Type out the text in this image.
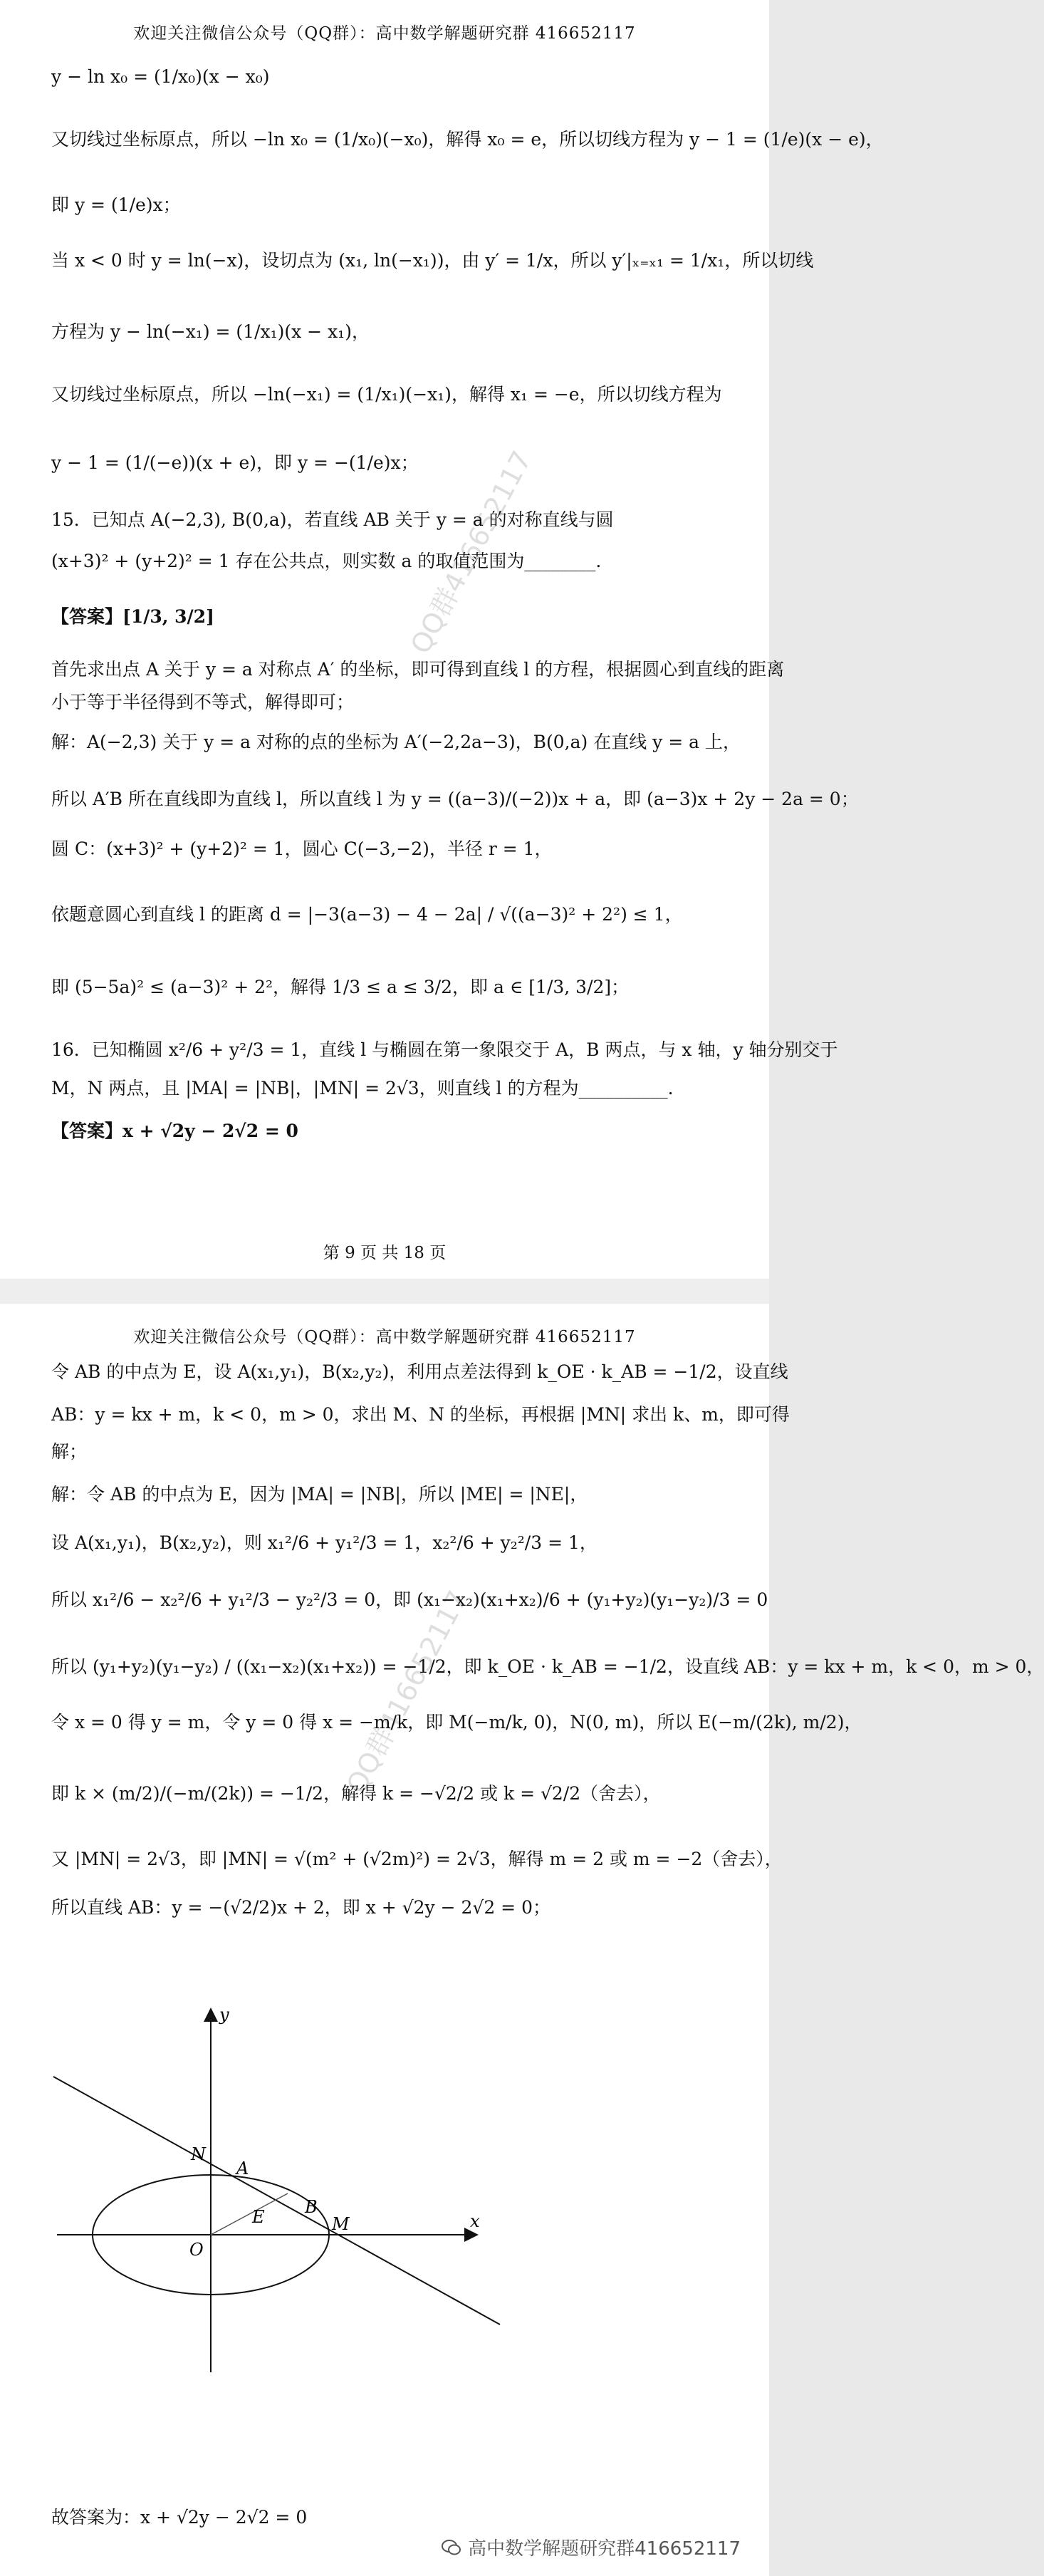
欢迎关注微信公众号（QQ群）：高中数学解题研究群 416652117
y − ln x₀ = (1/x₀)(x − x₀)
又切线过坐标原点，所以 −ln x₀ = (1/x₀)(−x₀)，解得 x₀ = e，所以切线方程为 y − 1 = (1/e)(x − e)，
即 y = (1/e)x；
当 x < 0 时 y = ln(−x)，设切点为 (x₁, ln(−x₁))，由 y′ = 1/x，所以 y′|ₓ₌ₓ₁ = 1/x₁，所以切线
方程为 y − ln(−x₁) = (1/x₁)(x − x₁)，
又切线过坐标原点，所以 −ln(−x₁) = (1/x₁)(−x₁)，解得 x₁ = −e，所以切线方程为
y − 1 = (1/(−e))(x + e)，即 y = −(1/e)x；
15．已知点 A(−2,3), B(0,a)，若直线 AB 关于 y = a 的对称直线与圆
(x+3)² + (y+2)² = 1 存在公共点，则实数 a 的取值范围为________.
【答案】[1/3, 3/2]
首先求出点 A 关于 y = a 对称点 A′ 的坐标，即可得到直线 l 的方程，根据圆心到直线的距离
小于等于半径得到不等式，解得即可；
解：A(−2,3) 关于 y = a 对称的点的坐标为 A′(−2,2a−3)，B(0,a) 在直线 y = a 上，
所以 A′B 所在直线即为直线 l，所以直线 l 为 y = ((a−3)/(−2))x + a，即 (a−3)x + 2y − 2a = 0；
圆 C：(x+3)² + (y+2)² = 1，圆心 C(−3,−2)，半径 r = 1，
依题意圆心到直线 l 的距离 d = |−3(a−3) − 4 − 2a| / √((a−3)² + 2²) ≤ 1，
即 (5−5a)² ≤ (a−3)² + 2²，解得 1/3 ≤ a ≤ 3/2，即 a ∈ [1/3, 3/2]；
16．已知椭圆 x²/6 + y²/3 = 1，直线 l 与椭圆在第一象限交于 A，B 两点，与 x 轴，y 轴分别交于
M，N 两点，且 |MA| = |NB|，|MN| = 2√3，则直线 l 的方程为__________.
【答案】x + √2y − 2√2 = 0
QQ群416652117
第 9 页 共 18 页
欢迎关注微信公众号（QQ群）：高中数学解题研究群 416652117
令 AB 的中点为 E，设 A(x₁,y₁)，B(x₂,y₂)，利用点差法得到 k_OE · k_AB = −1/2，设直线
AB：y = kx + m，k < 0，m > 0，求出 M、N 的坐标，再根据 |MN| 求出 k、m，即可得
解；
解：令 AB 的中点为 E，因为 |MA| = |NB|，所以 |ME| = |NE|，
设 A(x₁,y₁)，B(x₂,y₂)，则 x₁²/6 + y₁²/3 = 1，x₂²/6 + y₂²/3 = 1，
所以 x₁²/6 − x₂²/6 + y₁²/3 − y₂²/3 = 0，即 (x₁−x₂)(x₁+x₂)/6 + (y₁+y₂)(y₁−y₂)/3 = 0
所以 (y₁+y₂)(y₁−y₂) / ((x₁−x₂)(x₁+x₂)) = −1/2，即 k_OE · k_AB = −1/2，设直线 AB：y = kx + m，k < 0，m > 0，
令 x = 0 得 y = m，令 y = 0 得 x = −m/k，即 M(−m/k, 0)，N(0, m)，所以 E(−m/(2k), m/2)，
即 k × (m/2)/(−m/(2k)) = −1/2，解得 k = −√2/2 或 k = √2/2（舍去），
又 |MN| = 2√3，即 |MN| = √(m² + (√2m)²) = 2√3，解得 m = 2 或 m = −2（舍去），
所以直线 AB：y = −(√2/2)x + 2，即 x + √2y − 2√2 = 0；
QQ群416652117
y
x
O
N
A
E B
M
故答案为：x + √2y − 2√2 = 0
高中数学解题研究群416652117
